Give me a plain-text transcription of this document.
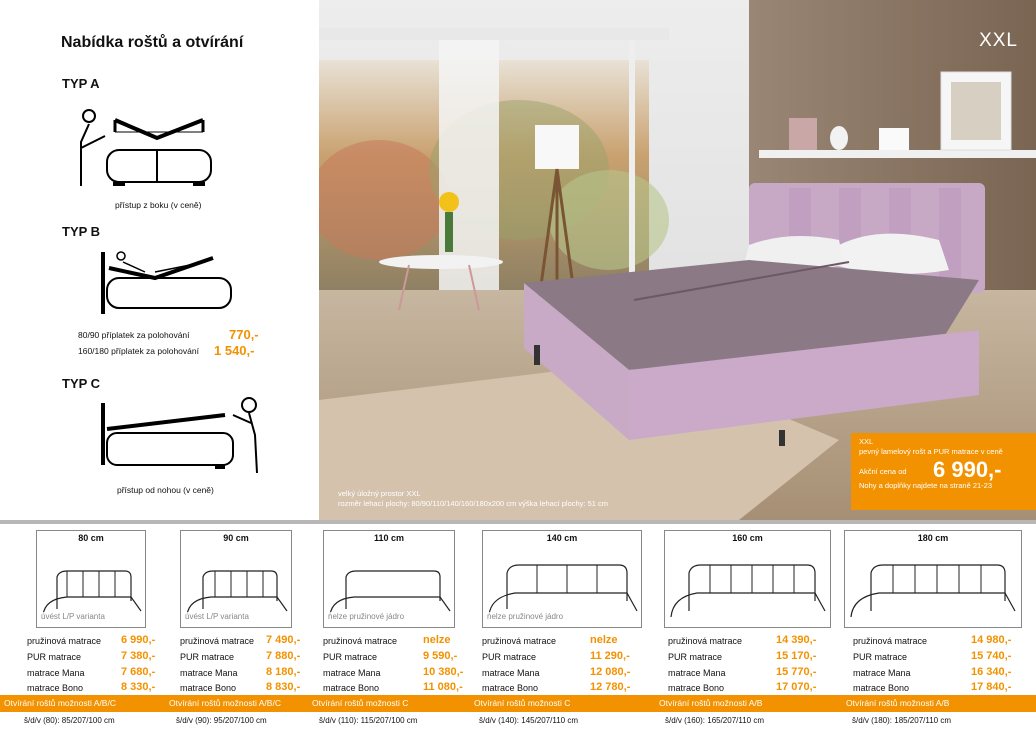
Nabídka roštů a otvírání
TYP A
přístup z boku (v ceně)
TYP B
80/90 příplatek za polohování	770,-
160/180 příplatek za polohování 1 540,-
TYP C
přístup od nohou (v ceně)
XXL
velký úložný prostor XXL
rozměr lehací plochy: 80/90/110/140/160/180x200 cm výška lehací plochy: 51 cm
XXL
pevný lamelový rošt a PUR matrace v ceně
Akční cena od 6 990,-
Nohy a doplňky najdete na straně 21-23
80 cm
uvést L/P varianta
pružinová matrace 6 990,-
PUR matrace	7 380,-
matrace Mana	7 680,-
matrace Bono	8 330,-
Otvírání roštů možnosti A/B/C
š/d/v (80): 85/207/100 cm
90 cm
uvést L/P varianta
pružinová matrace 7 490,-
PUR matrace	7 880,-
matrace Mana	8 180,-
matrace Bono	8 830,-
Otvírání roštů možnosti A/B/C
š/d/v (90): 95/207/100 cm
110 cm
nelze pružinové jádro
pružinová matrace nelze
PUR matrace	9 590,-
matrace Mana	10 380,-
matrace Bono	11 080,-
Otvírání roštů možnosti C
š/d/v (110): 115/207/100 cm
140 cm
nelze pružinové jádro
pružinová matrace	nelze
PUR matrace	11 290,-
matrace Mana	12 080,-
matrace Bono	12 780,-
Otvírání roštů možnosti C
š/d/v (140): 145/207/110 cm
160 cm
pružinová matrace	14 390,-
PUR matrace	15 170,-
matrace Mana	15 770,-
matrace Bono	17 070,-
Otvírání roštů možnosti A/B
š/d/v (160): 165/207/110 cm
180 cm
pružinová matrace	14 980,-
PUR matrace	15 740,-
matrace Mana	16 340,-
matrace Bono	17 840,-
Otvírání roštů možnosti A/B
š/d/v (180): 185/207/110 cm
